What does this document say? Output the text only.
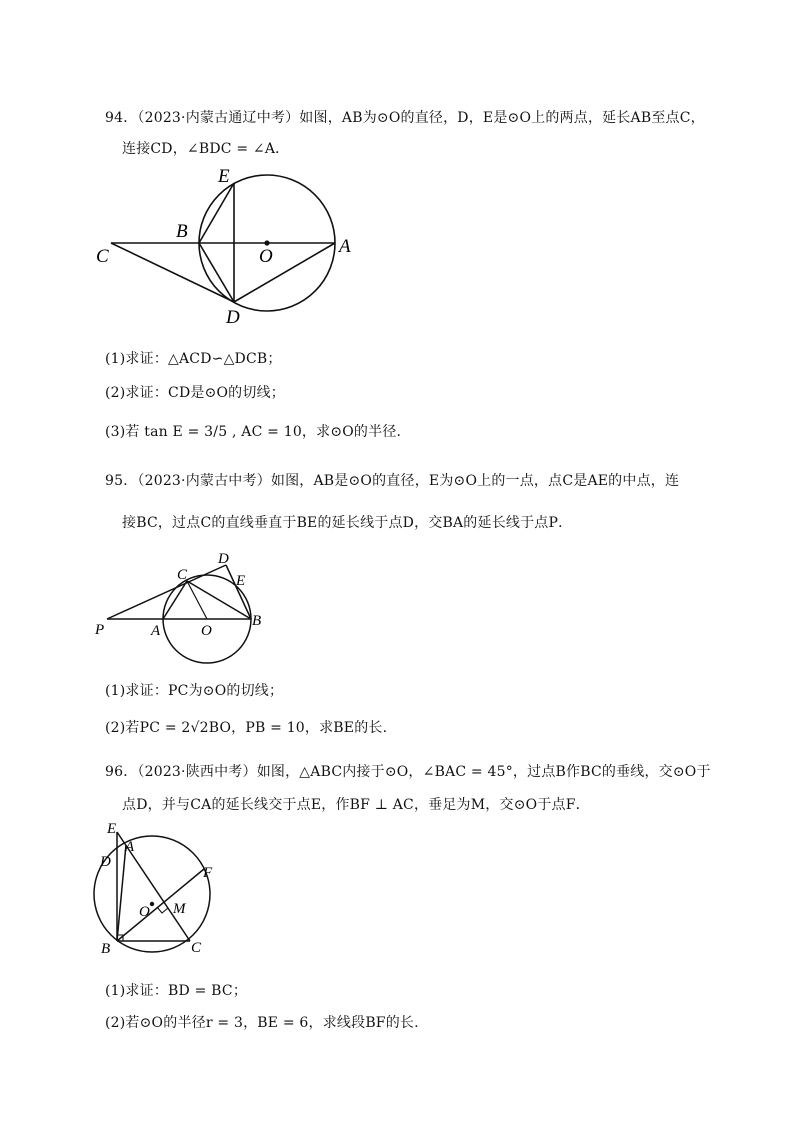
94．（2023·内蒙古通辽中考）如图，AB为⊙O的直径，D，E是⊙O上的两点，延长AB至点C，
连接CD，∠BDC = ∠A．
E
B
C	O	A
D
(1)求证：△ACD∽△DCB；
(2)求证：CD是⊙O的切线；
(3)若 tan E = 3/5 , AC = 10，求⊙O的半径.
95．（2023·内蒙古中考）如图，AB是⊙O的直径，E为⊙O上的一点，点C是AE的中点，连
接BC，过点C的直线垂直于BE的延长线于点D，交BA的延长线于点P．
D
C	E
P	A	O
B
(1)求证：PC为⊙O的切线；
(2)若PC = 2√2BO，PB = 10，求BE的长.
96．（2023·陕西中考）如图，△ABC内接于⊙O，∠BAC = 45°，过点B作BC的垂线，交⊙O于
点D，并与CA的延长线交于点E，作BF ⊥ AC，垂足为M，交⊙O于点F．
E
A
D
F
O M
B	C
(1)求证：BD = BC；
(2)若⊙O的半径r = 3，BE = 6，求线段BF的长.
